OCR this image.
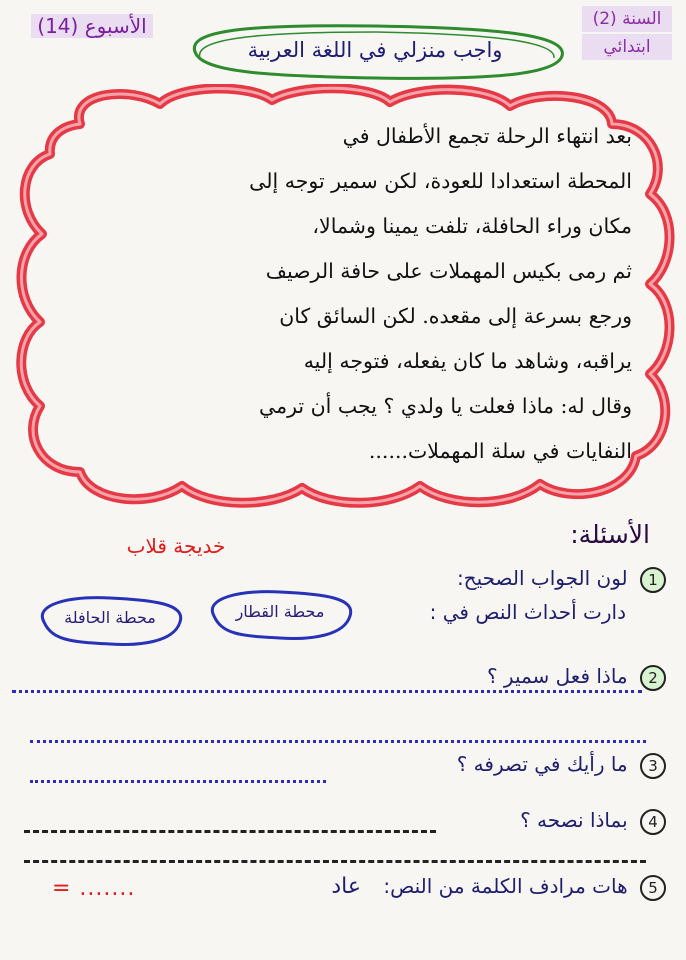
الأسبوع (14)	السنة (2)
ابتدائي
واجب منزلي في اللغة العربية
بعد انتهاء الرحلة تجمع الأطفال في
المحطة استعدادا للعودة، لكن سمير توجه إلى
مكان وراء الحافلة، تلفت يمينا وشمالا،
ثم رمى بكيس المهملات على حافة الرصيف
ورجع بسرعة إلى مقعده. لكن السائق كان
يراقبه، وشاهد ما كان يفعله، فتوجه إليه
وقال له: ماذا فعلت يا ولدي ؟ يجب أن ترمي
النفايات في سلة المهملات......
الأسئلة:
خديجة قلاب
1 لون الجواب الصحيح:
دارت أحداث النص في :
محطة القطار
محطة الحافلة
2 ماذا فعل سمير ؟
3 ما رأيك في تصرفه ؟
4 بماذا نصحه ؟
5 هات مرادف الكلمة من النص: عاد
= .......
